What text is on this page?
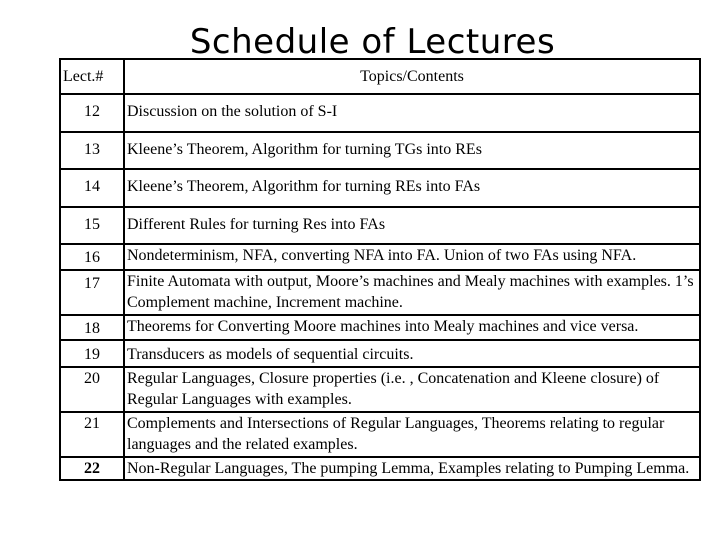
Schedule of Lectures
Lect.#	Topics/Contents
12	Discussion on the solution of S-I
13	Kleene’s Theorem, Algorithm for turning TGs into REs
14	Kleene’s Theorem, Algorithm for turning REs into FAs
15	Different Rules for turning Res into FAs
16	Nondeterminism, NFA, converting NFA into FA. Union of two FAs using NFA.
17	Finite Automata with output, Moore’s machines and Mealy machines with examples. 1’s Complement machine, Increment machine.
18	Theorems for Converting Moore machines into Mealy machines and vice versa.
19	Transducers as models of sequential circuits.
20	Regular Languages, Closure properties (i.e. , Concatenation and Kleene closure) of Regular Languages with examples.
21	Complements and Intersections of Regular Languages, Theorems relating to regular languages and the related examples.
22	Non-Regular Languages, The pumping Lemma, Examples relating to Pumping Lemma.
